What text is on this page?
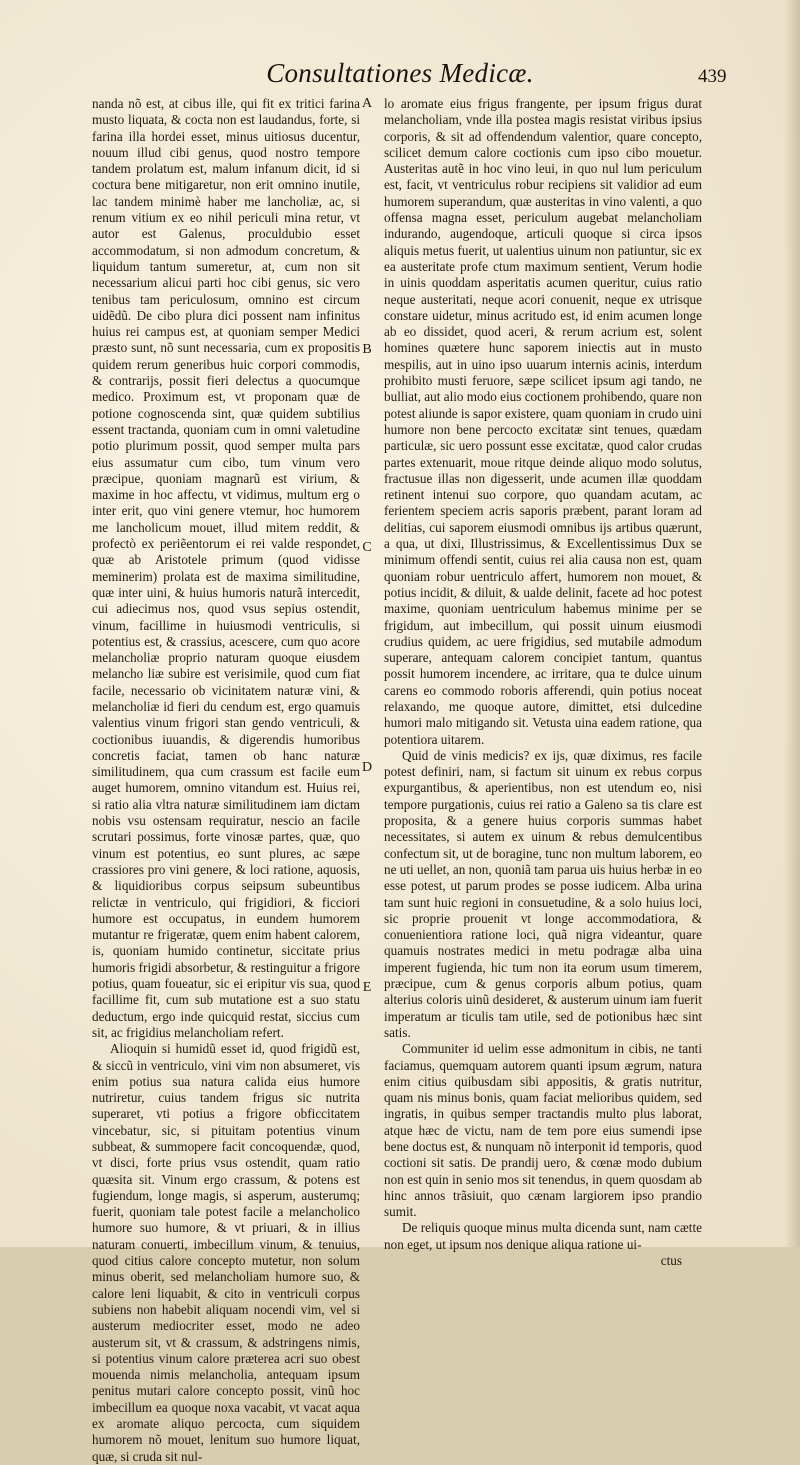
Consultationes Medicæ.	439

nanda nõ est, at cibus ille, qui fit ex tritici farina musto liquata, & cocta non est laudandus, forte, si farina illa hordei esset, minus uitiosus ducentur, nouum illud cibi genus, quod nostro tempore tandem prolatum est, malum infanum dicit, id si coctura bene mitigaretur, non erit omnino inutile, lac tandem minimè haber me lancholiæ, ac, si renum vitium ex eo nihil periculi mina retur, vt autor est Galenus, proculdubio esset accommodatum, si non admodum concretum, & liquidum tantum sumeretur, at, cum non sit necessarium alicui parti hoc cibi genus, sic vero tenibus tam periculosum, omnino est circum uidẽdũ. De cibo plura dici possent nam infinitus huius rei campus est, at quoniam semper Medici præsto sunt, nõ sunt necessaria, cum ex propositis quidem rerum generibus huic corpori commodis, & contrarijs, possit fieri delectus a quocumque medico. Proximum est, vt proponam quæ de potione cognoscenda sint, quæ quidem subtilius essent tractanda, quoniam cum in omni valetudine potio plurimum possit, quod semper multa pars eius assumatur cum cibo, tum vinum vero præcipue, quoniam magnarũ est virium, & maxime in hoc affectu, vt vidimus, multum erg o inter erit, quo vini genere vtemur, hoc humorem me lancholicum mouet, illud mitem reddit, & profectò ex periẽentorum ei rei valde respondet, quæ ab Aristotele primum (quod vidisse meminerim) prolata est de maxima similitudine, quæ inter uini, & huius humoris naturã intercedit, cui adiecimus nos, quod vsus sepius ostendit, vinum, facillime in huiusmodi ventriculis, si potentius est, & crassius, acescere, cum quo acore melancholiæ proprio naturam quoque eiusdem melancho liæ subire est verisimile, quod cum fiat facile, necessario ob vicinitatem naturæ vini, & melancholiæ id fieri du cendum est, ergo quamuis valentius vinum frigori stan gendo ventriculi, & coctionibus iuuandis, & digerendis humoribus concretis faciat, tamen ob hanc naturæ similitudinem, qua cum crassum est facile eum auget humorem, omnino vitandum est. Huius rei, si ratio alia vltra naturæ similitudinem iam dictam nobis vsu ostensam requiratur, nescio an facile scrutari possimus, forte vinosæ partes, quæ, quo vinum est potentius, eo sunt plures, ac sæpe crassiores pro vini genere, & loci ratione, aquosis, & liquidioribus corpus seipsum subeuntibus relictæ in ventriculo, qui frigidiori, & ficciori humore est occupatus, in eundem humorem mutantur re frigeratæ, quem enim habent calorem, is, quoniam humido continetur, siccitate prius humoris frigidi absorbetur, & restinguitur a frigore potius, quam foueatur, sic ei eripitur vis sua, quod facillime fit, cum sub mutatione est a suo statu deductum, ergo inde quicquid restat, siccius cum sit, ac frigidius melancholiam refert.

Alioquin si humidũ esset id, quod frigidũ est, & siccũ in ventriculo, vini vim non absumeret, vis enim potius sua natura calida eius humore nutriretur, cuius tandem frigus sic nutrita superaret, vti potius a frigore obficcitatem vincebatur, sic, si pituitam potentius vinum subbeat, & summopere facit concoquendæ, quod, vt disci, forte prius vsus ostendit, quam ratio quæsita sit. Vinum ergo crassum, & potens est fugiendum, longe magis, si asperum, austerumq; fuerit, quoniam tale potest facile a melancholico humore suo humore, & vt priuari, & in illius naturam conuerti, imbecillum vinum, & tenuius, quod citius calore concepto mutetur, non solum minus oberit, sed melancholiam humore suo, & calore leni liquabit, & cito in ventriculi corpus subiens non habebit aliquam nocendi vim, vel si austerum mediocriter esset, modo ne adeo austerum sit, vt & crassum, & adstringens nimis, si potentius vinum calore præterea acri suo obest mouenda nimis melancholia, antequam ipsum penitus mutari calore concepto possit, vinũ hoc imbecillum ea quoque noxa vacabit, vt vacat aqua ex aromate aliquo percocta, cum siquidem humorem nõ mouet, lenitum suo humore liquat, quæ, si cruda sit nul-

A
B
C
D
E

lo aromate eius frigus frangente, per ipsum frigus durat melancholiam, vnde illa postea magis resistat viribus ipsius corporis, & sit ad offendendum valentior, quare concepto, scilicet demum calore coctionis cum ipso cibo mouetur. Austeritas autẽ in hoc vino leui, in quo nul lum periculum est, facit, vt ventriculus robur recipiens sit validior ad eum humorem superandum, quæ austeritas in vino valenti, a quo offensa magna esset, periculum augebat melancholiam indurando, augendoque, articuli quoque si circa ipsos aliquis metus fuerit, ut ualentius uinum non patiuntur, sic ex ea austeritate profe ctum maximum sentient, Verum hodie in uinis quoddam asperitatis acumen queritur, cuius ratio neque austeritati, neque acori conuenit, neque ex utrisque constare uidetur, minus acritudo est, id enim acumen longe ab eo dissidet, quod aceri, & rerum acrium est, solent homines quætere hunc saporem iniectis aut in musto mespilis, aut in uino ipso uuarum internis acinis, interdum prohibito musti feruore, sæpe scilicet ipsum agi tando, ne bulliat, aut alio modo eius coctionem prohibendo, quare non potest aliunde is sapor existere, quam quoniam in crudo uini humore non bene percocto excitatæ sint tenues, quædam particulæ, sic uero possunt esse excitatæ, quod calor crudas partes extenuarit, moue ritque deinde aliquo modo solutus, fractusue illas non digesserit, unde acumen illæ quoddam retinent intenui suo corpore, quo quandam acutam, ac ferientem speciem acris saporis præbent, parant loram ad delitias, cui saporem eiusmodi omnibus ijs artibus quærunt, a qua, ut dixi, Illustrissimus, & Excellentissimus Dux se minimum offendi sentit, cuius rei alia causa non est, quam quoniam robur uentriculo affert, humorem non mouet, & potius incidit, & diluit, & ualde delinit, facete ad hoc potest maxime, quoniam uentriculum habemus minime per se frigidum, aut imbecillum, qui possit uinum eiusmodi crudius quidem, ac uere frigidius, sed mutabile admodum superare, antequam calorem concipiet tantum, quantus possit humorem incendere, ac irritare, qua te dulce uinum carens eo commodo roboris afferendi, quin potius noceat relaxando, me quoque autore, dimittet, etsi dulcedine humori malo mitigando sit. Vetusta uina eadem ratione, qua potentiora uitarem.

Quid de vinis medicis? ex ijs, quæ diximus, res facile potest definiri, nam, si factum sit uinum ex rebus corpus expurgantibus, & aperientibus, non est utendum eo, nisi tempore purgationis, cuius rei ratio a Galeno sa tis clare est proposita, & a genere huius corporis summas habet necessitates, si autem ex uinum & rebus demulcentibus confectum sit, ut de boragine, tunc non multum laborem, eo ne uti uellet, an non, quoniã tam parua uis huius herbæ in eo esse potest, ut parum prodes se posse iudicem. Alba urina tam sunt huic regioni in consuetudine, & a solo huius loci, sic proprie prouenit vt longe accommodatiora, & conuenientiora ratione loci, quã nigra videantur, quare quamuis nostrates medici in metu podragæ alba uina imperent fugienda, hic tum non ita eorum usum timerem, præcipue, cum & genus corporis album potius, quam alterius coloris uinũ desideret, & austerum uinum iam fuerit imperatum ar ticulis tam utile, sed de potionibus hæc sint satis.

Communiter id uelim esse admonitum in cibis, ne tanti faciamus, quemquam autorem quanti ipsum ægrum, natura enim citius quibusdam sibi appositis, & gratis nutritur, quam nis minus bonis, quam faciat melioribus quidem, sed ingratis, in quibus semper tractandis multo plus laborat, atque hæc de victu, nam de tem pore eius sumendi ipse bene doctus est, & nunquam nõ interponit id temporis, quod coctioni sit satis. De prandij uero, & cœnæ modo dubium non est quin in senio mos sit tenendus, in quem quosdam ab hinc annos trãsiuit, quo cænam largiorem ipso prandio sumit.

De reliquis quoque minus multa dicenda sunt, nam cætte non eget, ut ipsum nos denique aliqua ratione ui-

ctus
